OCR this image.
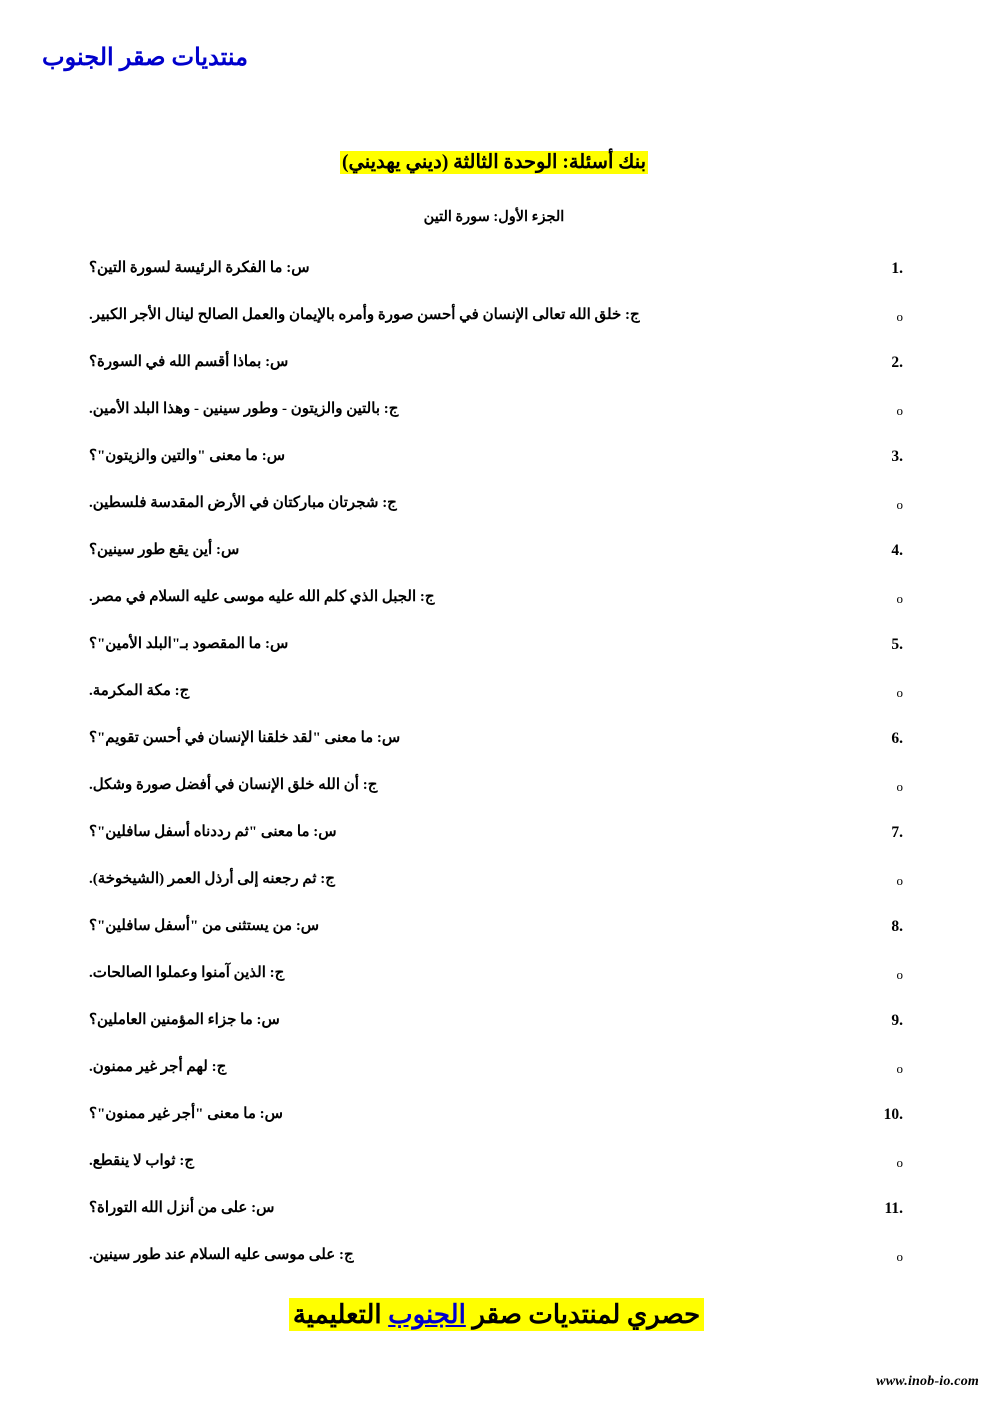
منتديات صقر الجنوب
بنك أسئلة: الوحدة الثالثة (ديني يهديني)
الجزء الأول: سورة التين
1.
س: ما الفكرة الرئيسة لسورة التين؟
o
ج: خلق الله تعالى الإنسان في أحسن صورة وأمره بالإيمان والعمل الصالح لينال الأجر الكبير.
2.
س: بماذا أقسم الله في السورة؟
o
ج: بالتين والزيتون - وطور سينين - وهذا البلد الأمين.
3.
س: ما معنى "والتين والزيتون"؟
o
ج: شجرتان مباركتان في الأرض المقدسة فلسطين.
4.
س: أين يقع طور سينين؟
o
ج: الجبل الذي كلم الله عليه موسى عليه السلام في مصر.
5.
س: ما المقصود بـ"البلد الأمين"؟
o
ج: مكة المكرمة.
6.
س: ما معنى "لقد خلقنا الإنسان في أحسن تقويم"؟
o
ج: أن الله خلق الإنسان في أفضل صورة وشكل.
7.
س: ما معنى "ثم رددناه أسفل سافلين"؟
o
ج: ثم رجعنه إلى أرذل العمر (الشيخوخة).
8.
س: من يستثنى من "أسفل سافلين"؟
o
ج: الذين آمنوا وعملوا الصالحات.
9.
س: ما جزاء المؤمنين العاملين؟
o
ج: لهم أجر غير ممنون.
10.
س: ما معنى "أجر غير ممنون"؟
o
ج: ثواب لا ينقطع.
11.
س: على من أنزل الله التوراة؟
o
ج: على موسى عليه السلام عند طور سينين.
حصري لمنتديات صقر الجنوب التعليمية
www.inob-io.com
